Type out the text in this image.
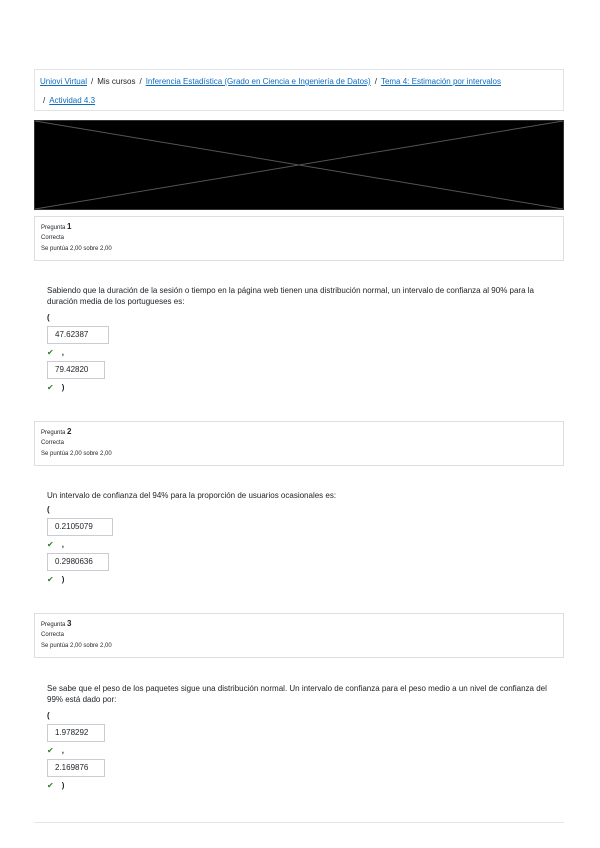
Uniovi Virtual / Mis cursos / Inferencia Estadística (Grado en Ciencia e Ingeniería de Datos) / Tema 4: Estimación por intervalos
/ Actividad 4.3
Pregunta 1
Correcta
Se puntúa 2,00 sobre 2,00
Sabiendo que la duración de la sesión o tiempo en la página web tienen una distribución normal, un intervalo de confianza al 90% para la duración media de los portugueses es:
(
47.62387
✔ ,
79.42820
✔ )
Pregunta 2
Correcta
Se puntúa 2,00 sobre 2,00
Un intervalo de confianza del 94% para la proporción de usuarios ocasionales es:
(
0.2105079
✔ ,
0.2980636
✔ )
Pregunta 3
Correcta
Se puntúa 2,00 sobre 2,00
Se sabe que el peso de los paquetes sigue una distribución normal. Un intervalo de confianza para el peso medio a un nivel de confianza del 99% está dado por:
(
1.978292
✔ ,
2.169876
✔ )
